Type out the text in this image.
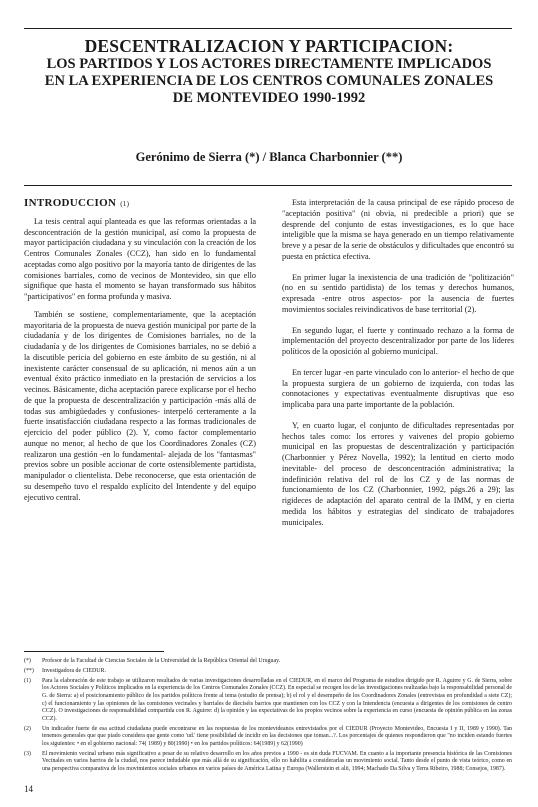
DESCENTRALIZACION Y PARTICIPACION:
LOS PARTIDOS Y LOS ACTORES DIRECTAMENTE IMPLICADOS
EN LA EXPERIENCIA DE LOS CENTROS COMUNALES ZONALES
DE MONTEVIDEO 1990-1992
Gerónimo de Sierra (*) / Blanca Charbonnier (**)

INTRODUCCION (1)

La tesis central aquí planteada es que las reformas orientadas a la desconcentración de la gestión municipal, así como la propuesta de mayor participación ciudadana y su vinculación con la creación de los Centros Comunales Zonales (CCZ), han sido en lo fundamental aceptadas como algo positivo por la mayoría tanto de dirigentes de las comisiones barriales, como de vecinos de Montevideo, sin que ello signifique que hasta el momento se hayan transformado sus hábitos "participativos" en forma profunda y masiva.

También se sostiene, complementariamente, que la aceptación mayoritaria de la propuesta de nueva gestión municipal por parte de la ciudadanía y de los dirigentes de Comisiones barriales, no de la ciudadanía y de los dirigentes de Comisiones barriales, no se debió a la discutible pericia del gobierno en este ámbito de su gestión, ni al inexistente carácter consensual de su aplicación, ni menos aún a un eventual éxito práctico inmediato en la prestación de servicios a los vecinos. Básicamente, dicha aceptación parece explicarse por el hecho de que la propuesta de descentralización y participación -más allá de todas sus ambigüedades y confusiones- interpeló certeramente a la fuerte insatisfacción ciudadana respecto a las formas tradicionales de ejercicio del poder público (2). Y, como factor complementario aunque no menor, al hecho de que los Coordinadores Zonales (CZ) realizaron una gestión -en lo fundamental- alejada de los "fantasmas" previos sobre un posible accionar de corte ostensiblemente partidista, manipulador o clientelista. Debe reconocerse, que esta orientación de su desempeño tuvo el respaldo explícito del Intendente y del equipo ejecutivo central.

Esta interpretación de la causa principal de ese rápido proceso de "aceptación positiva" (ni obvia, ni predecible a priori) que se desprende del conjunto de estas investigaciones, es lo que hace inteligible que la misma se haya generado en un tiempo relativamente breve y a pesar de la serie de obstáculos y dificultades que encontró su puesta en práctica efectiva.

En primer lugar la inexistencia de una tradición de "politización" (no en su sentido partidista) de los temas y derechos humanos, expresada -entre otros aspectos- por la ausencia de fuertes movimientos sociales reivindicativos de base territorial (2).

En segundo lugar, el fuerte y continuado rechazo a la forma de implementación del proyecto descentralizador por parte de los líderes políticos de la oposición al gobierno municipal.

En tercer lugar -en parte vinculado con lo anterior- el hecho de que la propuesta surgiera de un gobierno de izquierda, con todas las connotaciones y expectativas eventualmente disruptivas que eso implicaba para una parte importante de la población.

Y, en cuarto lugar, el conjunto de dificultades representadas por hechos tales como: los errores y vaivenes del propio gobierno municipal en las propuestas de descentralización y participación (Charbonnier y Pérez Novella, 1992); la lentitud en cierto modo inevitable- del proceso de desconcentración administrativa; la indefinición relativa del rol de los CZ y de las normas de funcionamiento de los CZ (Charbonnier, 1992, págs.26 a 29); las rigideces de adaptación del aparato central de la IMM, y en cierta medida los hábitos y estrategias del sindicato de trabajadores municipales.

(*)	Profesor de la Facultad de Ciencias Sociales de la Universidad de la República Oriental del Uruguay.
(**)	Investigadora de CIEDUR.
(1)	Para la elaboración de este trabajo se utilizaron resultados de varias investigaciones desarrolladas en el CIEDUR, en el marco del Programa de estudios dirigido por R. Aguirre y G. de Sierra, sobre los Actores Sociales y Políticos implicados en la experiencia de los Centros Comunales Zonales (CCZ). En especial se recogen los de las investigaciones realizadas bajo la responsabilidad personal de G. de Sierra: a) el posicionamiento público de los partidos políticos frente al tema (estudio de prensa); b) el rol y el desempeño de los Coordinadores Zonales (entrevistas en profundidad a siete CZ); c) el funcionamiento y las opiniones de las comisiones vecinales y barriales de dieciséis barrios que mantienen con los CCZ y con la Intendencia (encuesta a dirigentes de los comisiones de centro CCZ). O investigaciones de responsabilidad compartida con R. Aguirre: d) la opinión y las expectativas de los propios vecinos sobre la experiencia en curso (encuesta de opinión pública en las zonas CCZ).
(2)	Un indicador fuerte de esa actitud ciudadana puede encontrarse en las respuestas de los montevideanos entrevistados por el CIEDUR (Proyecto Montevideo, Encuesta I y II, 1989 y 1990). Tan tenemos generales que que piado considera que gente como 'ud.' tiene posibilidad de incidir en las decisiones que toman...?. Los porcentajes de quienes respondieron que "no inciden estando fuertes los siguientes: • en el gobierno nacional: 74( 1989) y 80(1990) • en los partidos políticos: 64(1989) y 62(1990)
(3)	El movimiento vecinal urbano más significativo a pesar de su relativo desarrollo en los años previos a 1990 - es sin duda FUCVAM. En cuanto a la importante presencia histórica de las Comisiones Vecinales en varios barrios de la ciudad, nos parece indudable que más allá de su significación, ello no habilita a considerarlas un movimiento social. Tanto desde el punto de vista teórico, como en una perspectiva comparativa de los movimientos sociales urbanos en varios países de América Latina y Europa (Wallerstein et alii, 1994; Machado Da Silva y Terra Ribeiro, 1988; Consejos, 1987).
14
